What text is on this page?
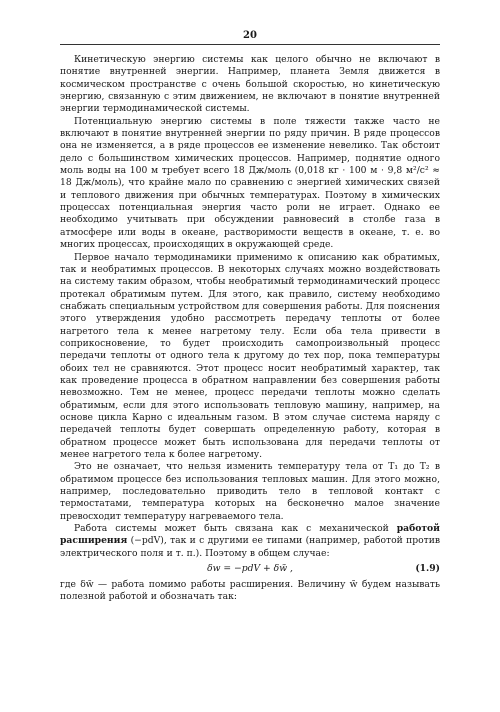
20

Кинетическую энергию системы как целого обычно не включают в понятие внутренней энергии. Например, планета Земля движется в космическом пространстве с очень большой скоростью, но кинетическую энергию, связанную с этим движением, не включают в понятие внутренней энергии термодинамической системы.

Потенциальную энергию системы в поле тяжести также часто не включают в понятие внутренней энергии по ряду причин. В ряде процессов она не изменяется, а в ряде процессов ее изменение невелико. Так обстоит дело с большинством химических процессов. Например, поднятие одного моль воды на 100 м требует всего 18 Дж/моль (0,018 кг · 100 м · 9,8 м²/с² ≈ 18 Дж/моль), что крайне мало по сравнению с энергией химических связей и теплового движения при обычных температурах. Поэтому в химических процессах потенциальная энергия часто роли не играет. Однако ее необходимо учитывать при обсуждении равновесий в столбе газа в атмосфере или воды в океане, растворимости веществ в океане, т. е. во многих процессах, происходящих в окружающей среде.

Первое начало термодинамики применимо к описанию как обратимых, так и необратимых процессов. В некоторых случаях можно воздействовать на систему таким образом, чтобы необратимый термодинамический процесс протекал обратимым путем. Для этого, как правило, систему необходимо снабжать специальным устройством для совершения работы. Для пояснения этого утверждения удобно рассмотреть передачу теплоты от более нагретого тела к менее нагретому телу. Если оба тела привести в соприкосновение, то будет происходить самопроизвольный процесс передачи теплоты от одного тела к другому до тех пор, пока температуры обоих тел не сравняются. Этот процесс носит необратимый характер, так как проведение процесса в обратном направлении без совершения работы невозможно. Тем не менее, процесс передачи теплоты можно сделать обратимым, если для этого использовать тепловую машину, например, на основе цикла Карно с идеальным газом. В этом случае система наряду с передачей теплоты будет совершать определенную работу, которая в обратном процессе может быть использована для передачи теплоты от менее нагретого тела к более нагретому.

Это не означает, что нельзя изменить температуру тела от T₁ до T₂ в обратимом процессе без использования тепловых машин. Для этого можно, например, последовательно приводить тело в тепловой контакт с термостатами, температура которых на бесконечно малое значение превосходит температуру нагреваемого тела.

Работа системы может быть связана как с механической работой расширения (−pdV), так и с другими ее типами (например, работой против электрического поля и т. п.). Поэтому в общем случае:

δw = −pdV + δw̃ ,	(1.9)

где δw̃ — работа помимо работы расширения. Величину w̃ будем называть полезной работой и обозначать так:
